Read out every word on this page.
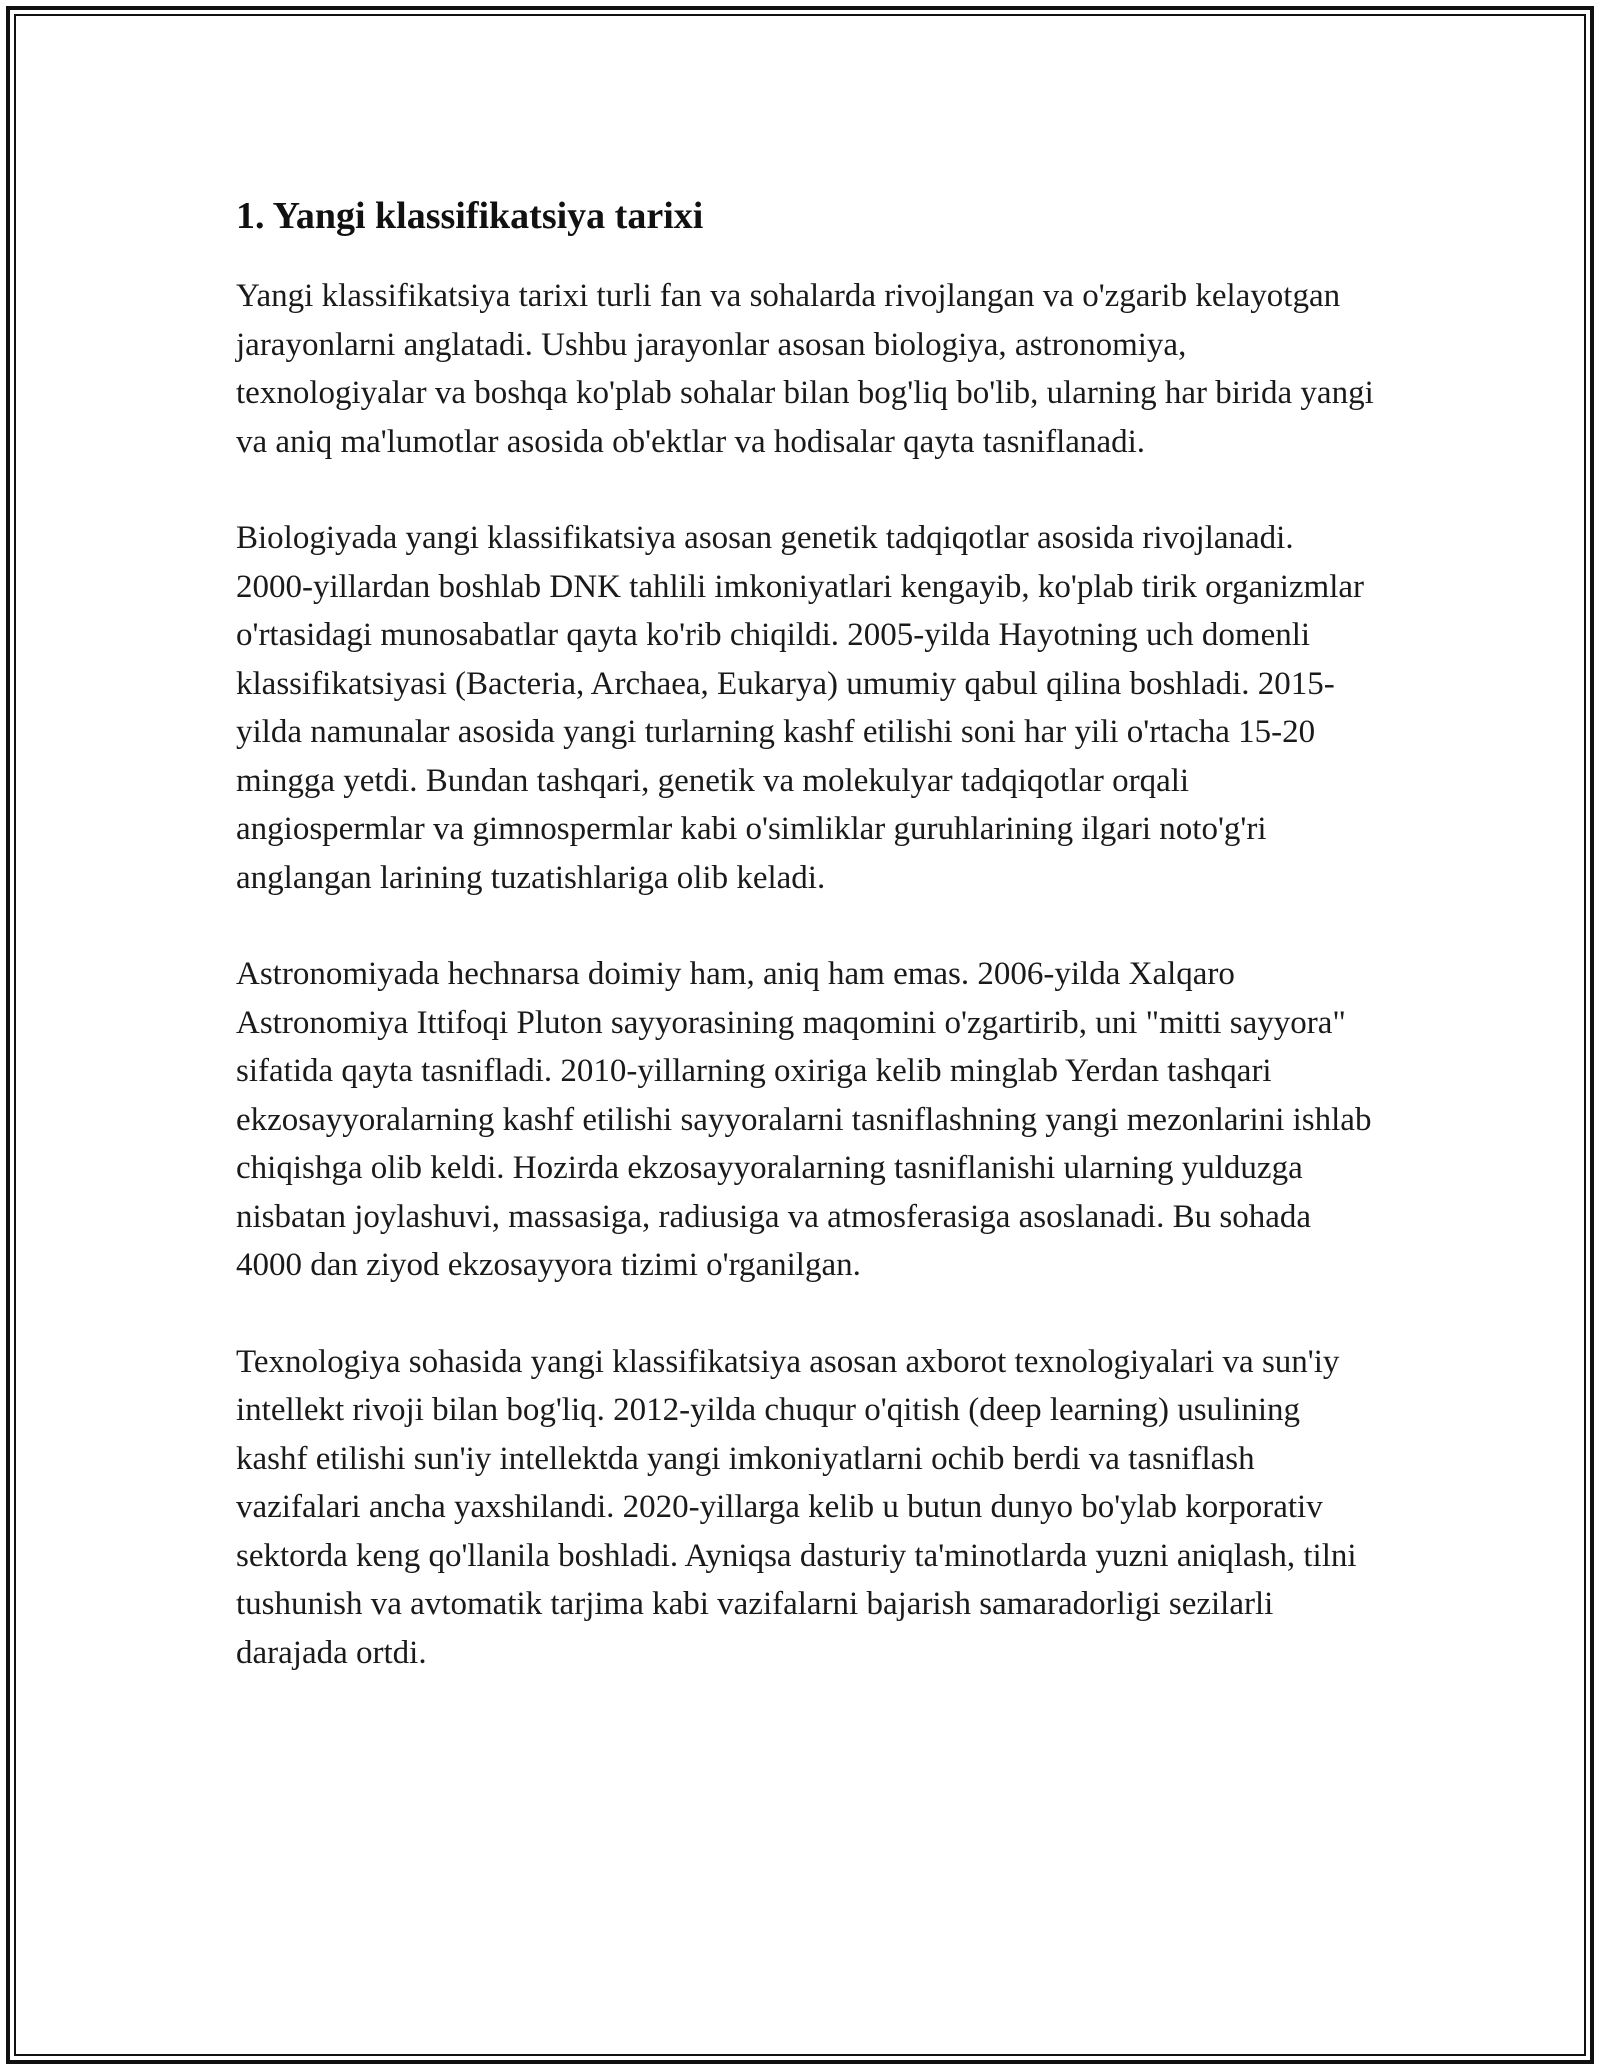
1. Yangi klassifikatsiya tarixi

Yangi klassifikatsiya tarixi turli fan va sohalarda rivojlangan va o'zgarib kelayotgan jarayonlarni anglatadi. Ushbu jarayonlar asosan biologiya, astronomiya, texnologiyalar va boshqa ko'plab sohalar bilan bog'liq bo'lib, ularning har birida yangi va aniq ma'lumotlar asosida ob'ektlar va hodisalar qayta tasniflanadi.

Biologiyada yangi klassifikatsiya asosan genetik tadqiqotlar asosida rivojlanadi. 2000-yillardan boshlab DNK tahlili imkoniyatlari kengayib, ko'plab tirik organizmlar o'rtasidagi munosabatlar qayta ko'rib chiqildi. 2005-yilda Hayotning uch domenli klassifikatsiyasi (Bacteria, Archaea, Eukarya) umumiy qabul qilina boshladi. 2015-yilda namunalar asosida yangi turlarning kashf etilishi soni har yili o'rtacha 15-20 mingga yetdi. Bundan tashqari, genetik va molekulyar tadqiqotlar orqali angiospermlar va gimnospermlar kabi o'simliklar guruhlarining ilgari noto'g'ri anglangan larining tuzatishlariga olib keladi.

Astronomiyada hechnarsa doimiy ham, aniq ham emas. 2006-yilda Xalqaro Astronomiya Ittifoqi Pluton sayyorasining maqomini o'zgartirib, uni "mitti sayyora" sifatida qayta tasnifladi. 2010-yillarning oxiriga kelib minglab Yerdan tashqari ekzosayyoralarning kashf etilishi sayyoralarni tasniflashning yangi mezonlarini ishlab chiqishga olib keldi. Hozirda ekzosayyoralarning tasniflanishi ularning yulduzga nisbatan joylashuvi, massasiga, radiusiga va atmosferasiga asoslanadi. Bu sohada 4000 dan ziyod ekzosayyora tizimi o'rganilgan.

Texnologiya sohasida yangi klassifikatsiya asosan axborot texnologiyalari va sun'iy intellekt rivoji bilan bog'liq. 2012-yilda chuqur o'qitish (deep learning) usulining kashf etilishi sun'iy intellektda yangi imkoniyatlarni ochib berdi va tasniflash vazifalari ancha yaxshilandi. 2020-yillarga kelib u butun dunyo bo'ylab korporativ sektorda keng qo'llanila boshladi. Ayniqsa dasturiy ta'minotlarda yuzni aniqlash, tilni tushunish va avtomatik tarjima kabi vazifalarni bajarish samaradorligi sezilarli darajada ortdi.
